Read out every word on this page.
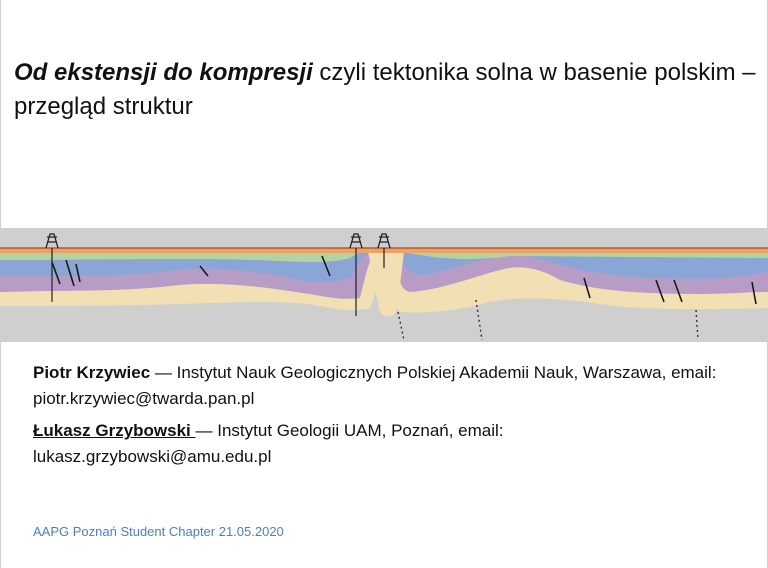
Od ekstensji do kompresji czyli tektonika solna w basenie polskim – przegląd struktur
Piotr Krzywiec — Instytut Nauk Geologicznych Polskiej Akademii Nauk, Warszawa, email: piotr.krzywiec@twarda.pan.pl
Łukasz Grzybowski — Instytut Geologii UAM, Poznań, email: lukasz.grzybowski@amu.edu.pl
AAPG Poznań Student Chapter 21.05.2020
